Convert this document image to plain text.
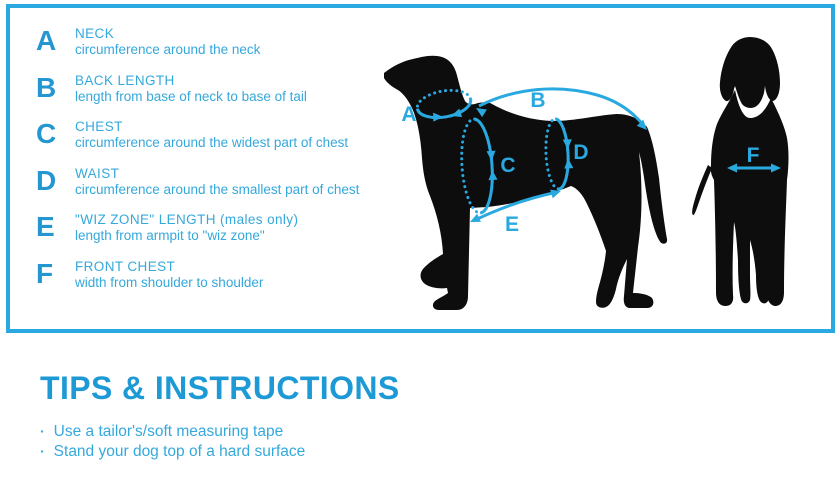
A	NECK
circumference around the neck
B	BACK LENGTH
length from base of neck to base of tail
C	CHEST
circumference around the widest part of chest
D	WAIST
circumference around the smallest part of chest
E	"WIZ ZONE" LENGTH (males only)
length from armpit to "wiz zone"
F	FRONT CHEST
width from shoulder to shoulder
A
B
C
D
E
F
TIPS & INSTRUCTIONS
· Use a tailor's/soft measuring tape
· Stand your dog top of a hard surface
